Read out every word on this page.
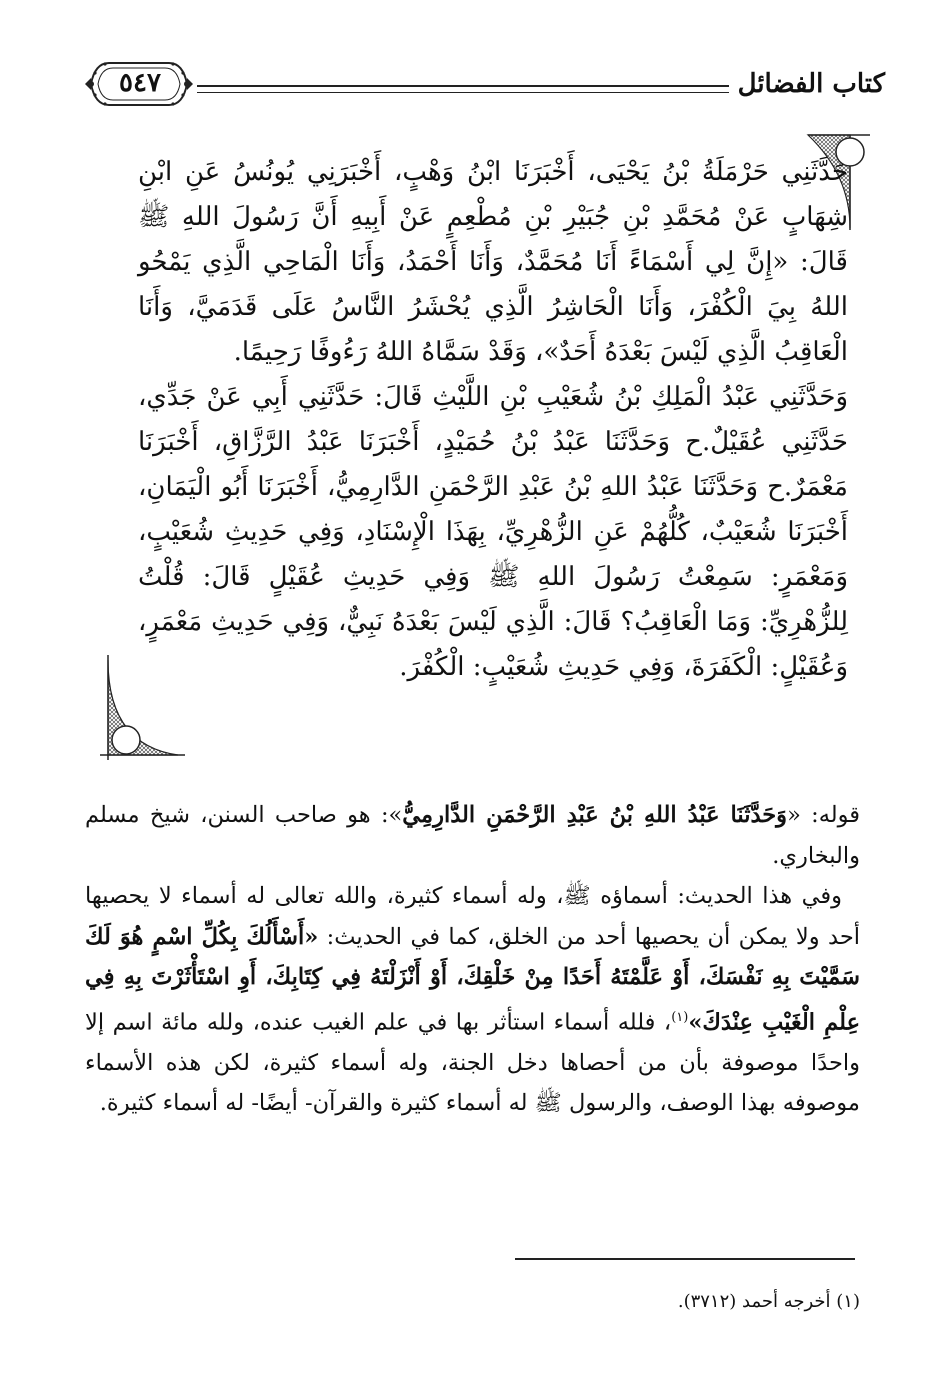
كتاب الفضائل
٥٤٧

حَدَّثَنِي حَرْمَلَةُ بْنُ يَحْيَى، أَخْبَرَنَا ابْنُ وَهْبٍ، أَخْبَرَنِي يُونُسُ عَنِ ابْنِ شِهَابٍ عَنْ مُحَمَّدِ بْنِ جُبَيْرِ بْنِ مُطْعِمٍ عَنْ أَبِيهِ أَنَّ رَسُولَ اللهِ ﷺ قَالَ: «إِنَّ لِي أَسْمَاءً أَنَا مُحَمَّدٌ، وَأَنَا أَحْمَدُ، وَأَنَا الْمَاحِي الَّذِي يَمْحُو اللهُ بِيَ الْكُفْرَ، وَأَنَا الْحَاشِرُ الَّذِي يُحْشَرُ النَّاسُ عَلَى قَدَمَيَّ، وَأَنَا الْعَاقِبُ الَّذِي لَيْسَ بَعْدَهُ أَحَدٌ»، وَقَدْ سَمَّاهُ اللهُ رَءُوفًا رَحِيمًا.

وَحَدَّثَنِي عَبْدُ الْمَلِكِ بْنُ شُعَيْبِ بْنِ اللَّيْثِ قَالَ: حَدَّثَنِي أَبِي عَنْ جَدِّي، حَدَّثَنِي عُقَيْلٌ.ح وَحَدَّثَنَا عَبْدُ بْنُ حُمَيْدٍ، أَخْبَرَنَا عَبْدُ الرَّزَّاقِ، أَخْبَرَنَا مَعْمَرٌ.ح وَحَدَّثَنَا عَبْدُ اللهِ بْنُ عَبْدِ الرَّحْمَنِ الدَّارِمِيُّ، أَخْبَرَنَا أَبُو الْيَمَانِ، أَخْبَرَنَا شُعَيْبٌ، كُلُّهُمْ عَنِ الزُّهْرِيِّ، بِهَذَا الْإِسْنَادِ، وَفِي حَدِيثِ شُعَيْبٍ، وَمَعْمَرٍ: سَمِعْتُ رَسُولَ اللهِ ﷺ وَفِي حَدِيثِ عُقَيْلٍ قَالَ: قُلْتُ لِلزُّهْرِيِّ: وَمَا الْعَاقِبُ؟ قَالَ: الَّذِي لَيْسَ بَعْدَهُ نَبِيٌّ، وَفِي حَدِيثِ مَعْمَرٍ، وَعُقَيْلٍ: الْكَفَرَةَ، وَفِي حَدِيثِ شُعَيْبٍ: الْكُفْرَ.

قوله: «وَحَدَّثَنَا عَبْدُ اللهِ بْنُ عَبْدِ الرَّحْمَنِ الدَّارِمِيُّ»: هو صاحب السنن، شيخ مسلم والبخاري.

وفي هذا الحديث: أسماؤه ﷺ، وله أسماء كثيرة، والله تعالى له أسماء لا يحصيها أحد ولا يمكن أن يحصيها أحد من الخلق، كما في الحديث: «أَسْأَلُكَ بِكُلِّ اسْمٍ هُوَ لَكَ سَمَّيْتَ بِهِ نَفْسَكَ، أَوْ عَلَّمْتَهُ أَحَدًا مِنْ خَلْقِكَ، أَوْ أَنْزَلْتَهُ فِي كِتَابِكَ، أَوِ اسْتَأْثَرْتَ بِهِ فِي عِلْمِ الْغَيْبِ عِنْدَكَ»$^{(١)}$، فلله أسماء استأثر بها في علم الغيب عنده، ولله مائة اسم إلا واحدًا موصوفة بأن من أحصاها دخل الجنة، وله أسماء كثيرة، لكن هذه الأسماء موصوفه بهذا الوصف، والرسول ﷺ له أسماء كثيرة والقرآن- أيضًا- له أسماء كثيرة.

(١) أخرجه أحمد (٣٧١٢).
